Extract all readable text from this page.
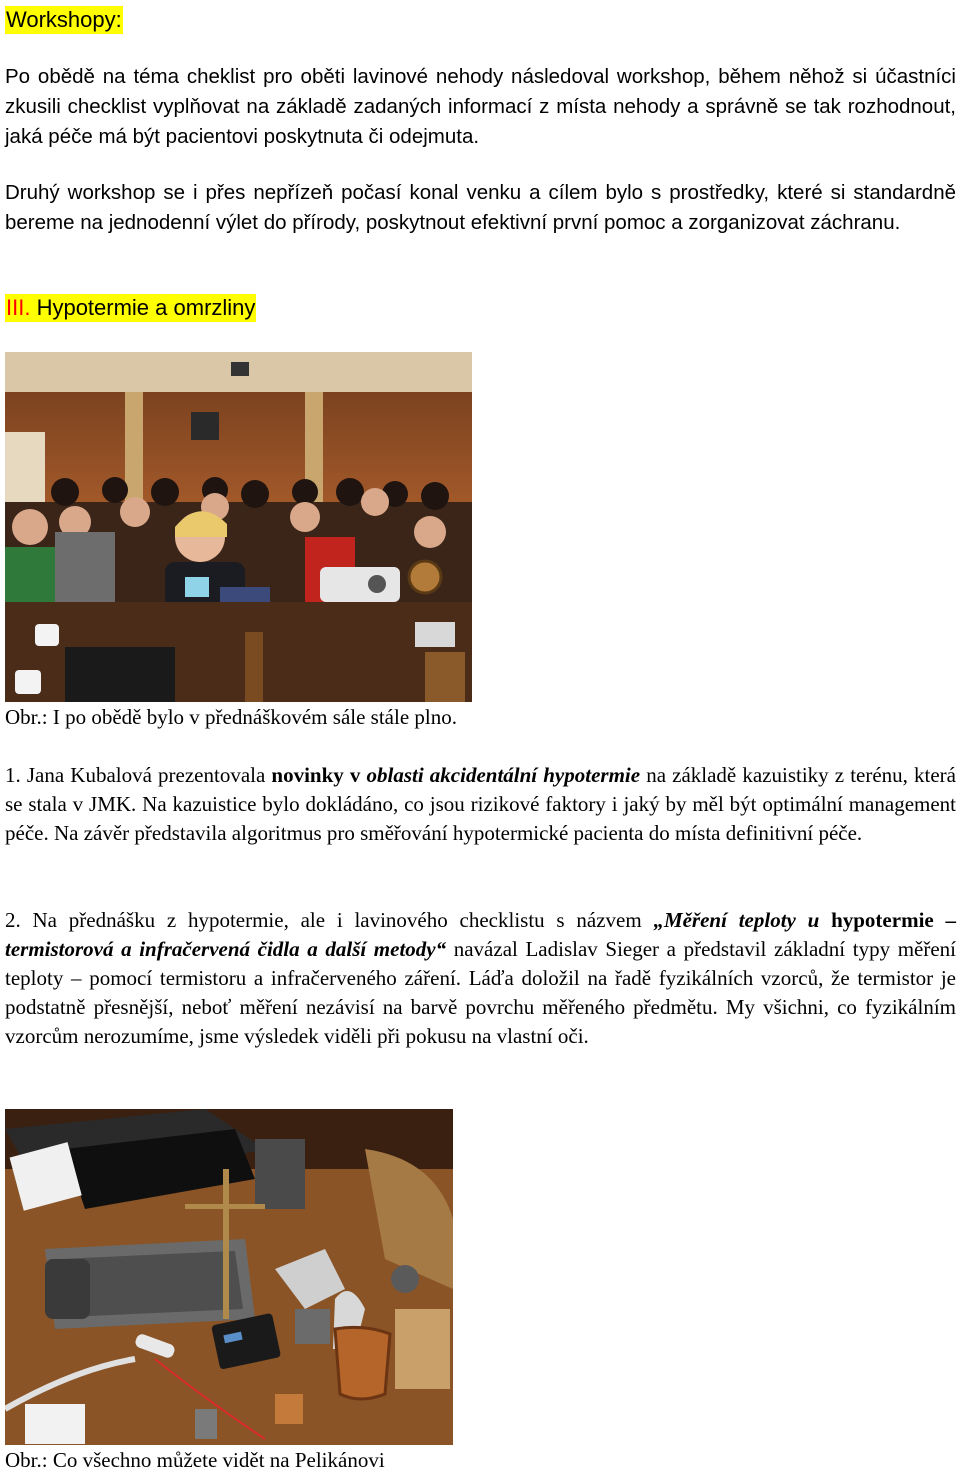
Workshopy:
Po obědě na téma cheklist pro oběti lavinové nehody následoval workshop, během něhož si účastníci zkusili checklist vyplňovat na základě zadaných informací z místa nehody a správně se tak rozhodnout, jaká péče má být pacientovi poskytnuta či odejmuta.
Druhý workshop se i přes nepřízeň počasí konal venku a cílem bylo s prostředky, které si standardně bereme na jednodenní výlet do přírody, poskytnout efektivní první pomoc a zorganizovat záchranu.
III. Hypotermie a omrzliny
Obr.: I po obědě bylo v přednáškovém sále stále plno.
1. Jana Kubalová prezentovala novinky v oblasti akcidentální hypotermie na základě kazuistiky z terénu, která se stala v JMK. Na kazuistice bylo dokládáno, co jsou rizikové faktory i jaký by měl být optimální management péče. Na závěr představila algoritmus pro směřování hypotermické pacienta do místa definitivní péče.
2. Na přednášku z hypotermie, ale i lavinového checklistu s názvem „Měření teploty u hypotermie – termistorová a infračervená čidla a další metody“ navázal Ladislav Sieger a představil základní typy měření teploty – pomocí termistoru a infračerveného záření. Láďa doložil na řadě fyzikálních vzorců, že termistor je podstatně přesnější, neboť měření nezávisí na barvě povrchu měřeného předmětu. My všichni, co fyzikálním vzorcům nerozumíme, jsme výsledek viděli při pokusu na vlastní oči.
Obr.: Co všechno můžete vidět na Pelikánovi
